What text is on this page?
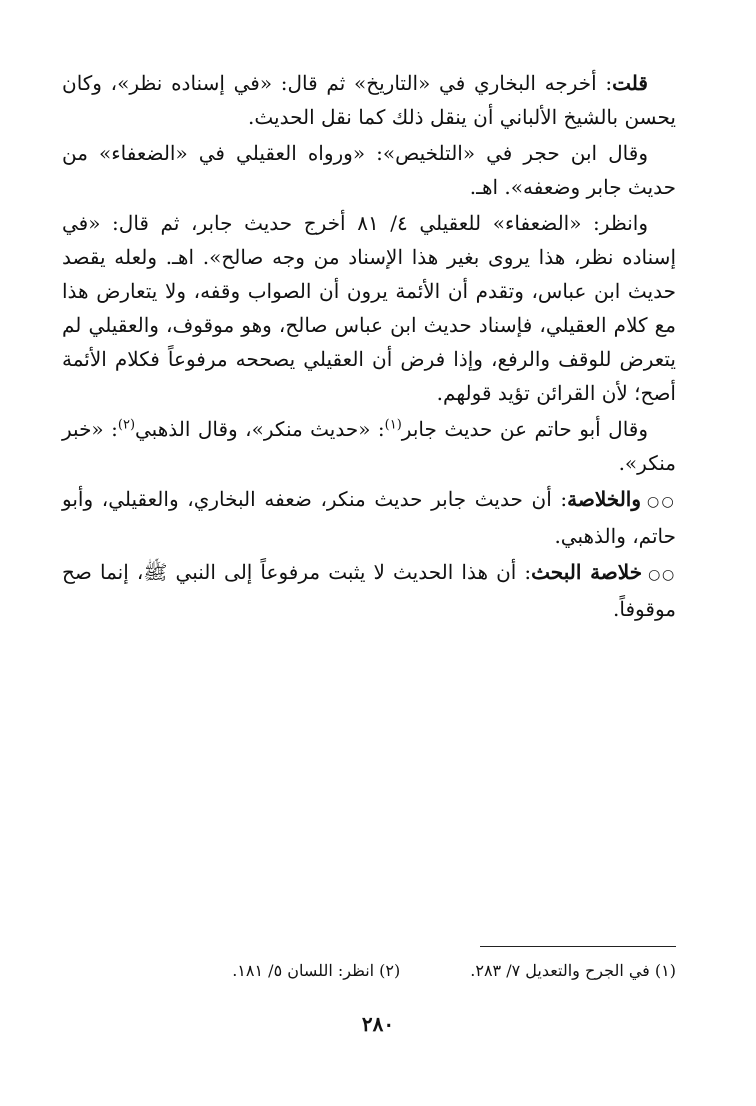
قلت: أخرجه البخاري في «التاريخ» ثم قال: «في إسناده نظر»، وكان يحسن بالشيخ الألباني أن ينقل ذلك كما نقل الحديث.

وقال ابن حجر في «التلخيص»: «ورواه العقيلي في «الضعفاء» من حديث جابر وضعفه». اهـ.

وانظر: «الضعفاء» للعقيلي ٤/ ٨١ أخرج حديث جابر، ثم قال: «في إسناده نظر، هذا يروى بغير هذا الإسناد من وجه صالح». اهـ. ولعله يقصد حديث ابن عباس، وتقدم أن الأئمة يرون أن الصواب وقفه، ولا يتعارض هذا مع كلام العقيلي، فإسناد حديث ابن عباس صالح، وهو موقوف، والعقيلي لم يتعرض للوقف والرفع، وإذا فرض أن العقيلي يصححه مرفوعاً فكلام الأئمة أصح؛ لأن القرائن تؤيد قولهم.

وقال أبو حاتم عن حديث جابر$^{(١)}$: «حديث منكر»، وقال الذهبي$^{(٢)}$: «خبر منكر».

○○والخلاصة: أن حديث جابر حديث منكر، ضعفه البخاري، والعقيلي، وأبو حاتم، والذهبي.

○○خلاصة البحث: أن هذا الحديث لا يثبت مرفوعاً إلى النبي ﷺ، إنما صح موقوفاً.

(١) في الجرح والتعديل ٧/ ٢٨٣.
(٢) انظر: اللسان ٥/ ١٨١.
٢٨٠
